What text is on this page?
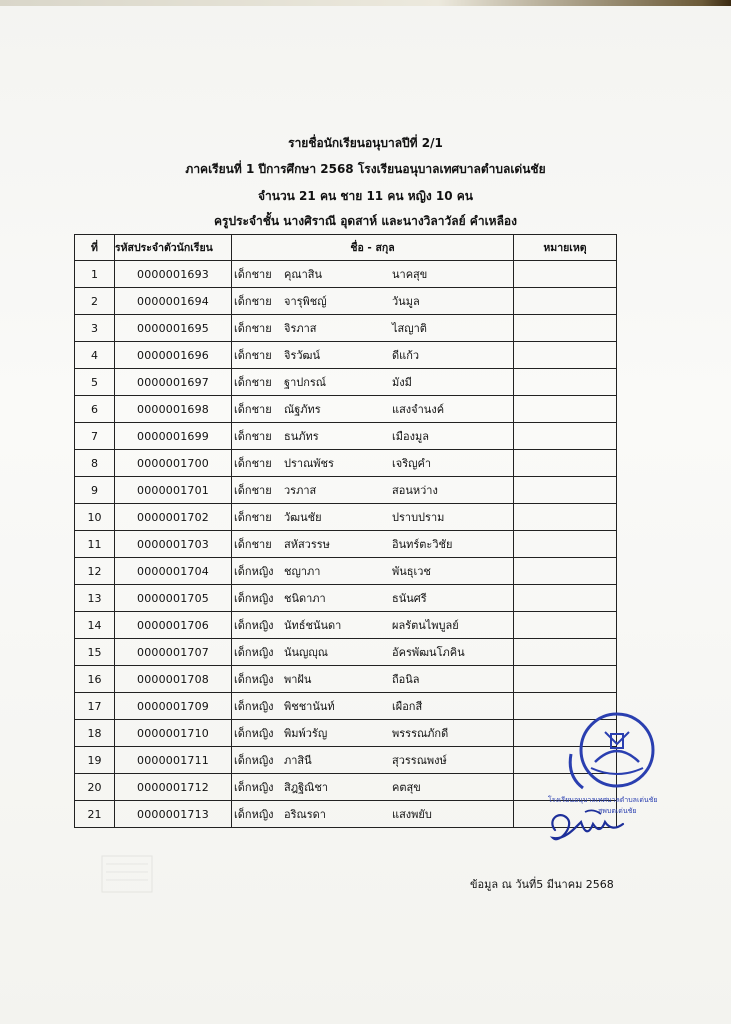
รายชื่อนักเรียนอนุบาลปีที่ 2/1
ภาคเรียนที่ 1 ปีการศึกษา 2568 โรงเรียนอนุบาลเทศบาลตำบลเด่นชัย
จำนวน 21 คน ชาย 11 คน หญิง 10 คน
ครูประจำชั้น นางศิราณี อุดสาห์ และนางวิลาวัลย์ คำเหลือง
ที่	รหัสประจำตัวนักเรียน	ชื่อ - สกุล	หมายเหตุ
1	0000001693	เด็กชาย คุณาสิน นาคสุข	
2	0000001694	เด็กชาย จารุพิชญ์ วันมูล	
3	0000001695	เด็กชาย จิรภาส ไสญาติ	
4	0000001696	เด็กชาย จิรวัฒน์ ดีแก้ว	
5	0000001697	เด็กชาย ฐาปกรณ์ มังมี	
6	0000001698	เด็กชาย ณัฐภัทร แสงจำนงค์	
7	0000001699	เด็กชาย ธนภัทร เมืองมูล	
8	0000001700	เด็กชาย ปราณพัชร เจริญคำ	
9	0000001701	เด็กชาย วรภาส สอนหว่าง	
10	0000001702	เด็กชาย วัฒนชัย ปราบปราม	
11	0000001703	เด็กชาย สหัสวรรษ อินทร์ตะวิชัย	
12	0000001704	เด็กหญิง ชญาภา พันธุเวช	
13	0000001705	เด็กหญิง ชนิดาภา ธนันศรี	
14	0000001706	เด็กหญิง นัทธ์ชนันดา ผลรัตนไพบูลย์	
15	0000001707	เด็กหญิง นันญญุณ อัครพัฒนโภคิน	
16	0000001708	เด็กหญิง พาฝัน ถือนิล	
17	0000001709	เด็กหญิง พิชชานันท์ เผือกสี	
18	0000001710	เด็กหญิง พิมพ์วรัญ พรรรณภักดี	
19	0000001711	เด็กหญิง ภาสินี สุวรรณพงษ์	
20	0000001712	เด็กหญิง สิฎฐิณิชา คตสุข	
21	0000001713	เด็กหญิง อริณรดา แสงพยับ	
ข้อมูล ณ วันที่5 มีนาคม 2568
โรงเรียนอนุบาลเทศบาลตำบลเด่นชัย
สพบตเด่นชัย
